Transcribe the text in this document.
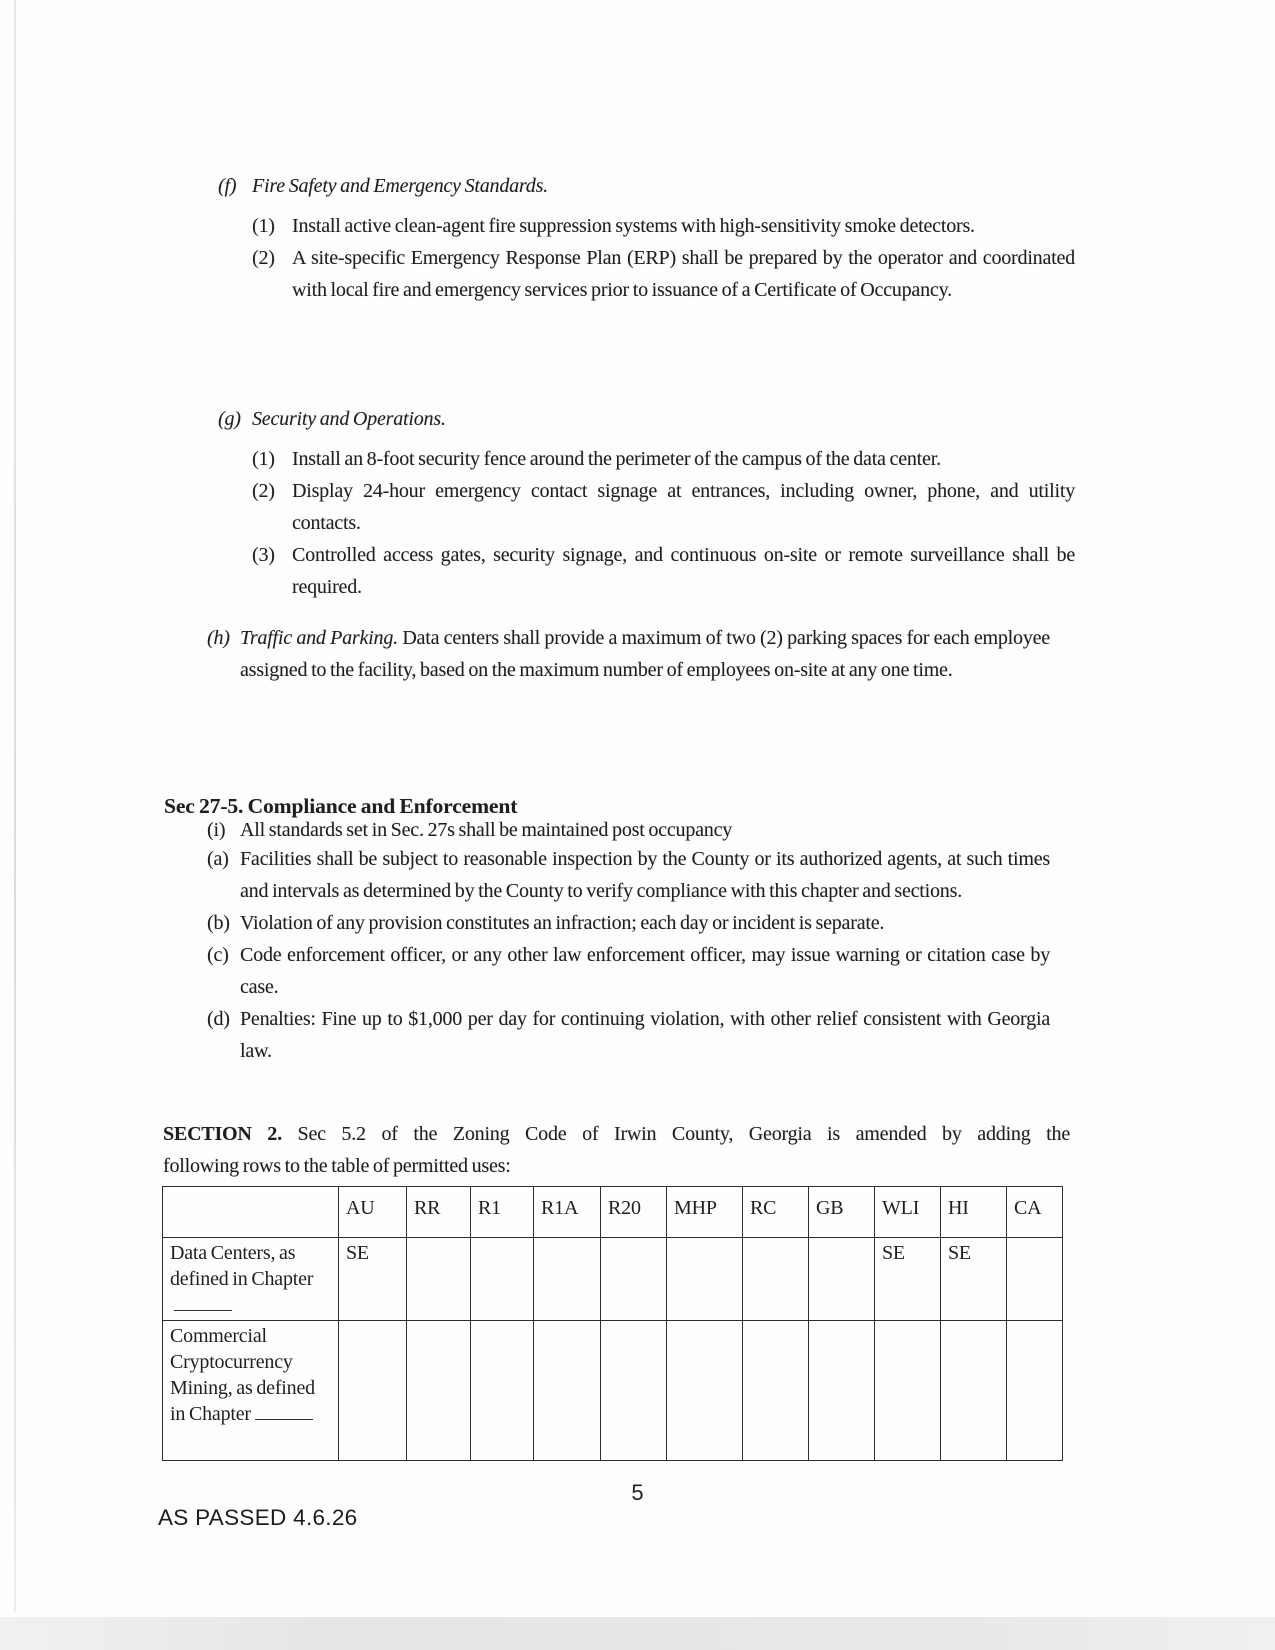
(f) Fire Safety and Emergency Standards.
(1) Install active clean-agent fire suppression systems with high-sensitivity smoke detectors.
(2) A site-specific Emergency Response Plan (ERP) shall be prepared by the operator and coordinated with local fire and emergency services prior to issuance of a Certificate of Occupancy.
(g) Security and Operations.
(1) Install an 8-foot security fence around the perimeter of the campus of the data center.
(2) Display 24-hour emergency contact signage at entrances, including owner, phone, and utility contacts.
(3) Controlled access gates, security signage, and continuous on-site or remote surveillance shall be required.
(h) Traffic and Parking. Data centers shall provide a maximum of two (2) parking spaces for each employee assigned to the facility, based on the maximum number of employees on-site at any one time.
(i) All standards set in Sec. 27s shall be maintained post occupancy
Sec 27-5. Compliance and Enforcement
(a) Facilities shall be subject to reasonable inspection by the County or its authorized agents, at such times and intervals as determined by the County to verify compliance with this chapter and sections.
(b) Violation of any provision constitutes an infraction; each day or incident is separate.
(c) Code enforcement officer, or any other law enforcement officer, may issue warning or citation case by case.
(d) Penalties: Fine up to $1,000 per day for continuing violation, with other relief consistent with Georgia law.
SECTION 2. Sec 5.2 of the Zoning Code of Irwin County, Georgia is amended by adding the
following rows to the table of permitted uses:
	AU	RR	R1	R1A	R20	MHP	RC	GB	WLI	HI	CA
Data Centers, as defined in Chapter	SE								SE	SE	
Commercial Cryptocurrency Mining, as defined in Chapter											
5
AS PASSED 4.6.26
